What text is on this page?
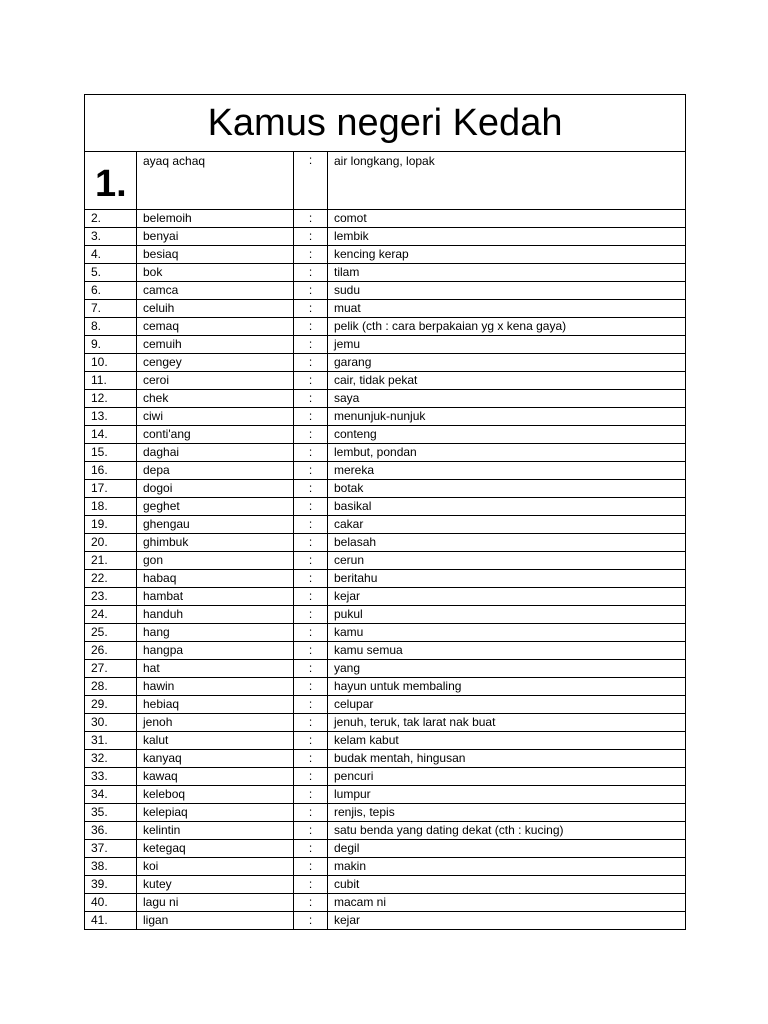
Kamus negeri Kedah			
1.	ayaq achaq	:	air longkang, lopak
2.	belemoih	:	comot
3.	benyai	:	lembik
4.	besiaq	:	kencing kerap
5.	bok	:	tilam
6.	camca	:	sudu
7.	celuih	:	muat
8.	cemaq	:	pelik (cth : cara berpakaian yg x kena gaya)
9.	cemuih	:	jemu
10.	cengey	:	garang
11.	ceroi	:	cair, tidak pekat
12.	chek	:	saya
13.	ciwi	:	menunjuk-nunjuk
14.	conti'ang	:	conteng
15.	daghai	:	lembut, pondan
16.	depa	:	mereka
17.	dogoi	:	botak
18.	geghet	:	basikal
19.	ghengau	:	cakar
20.	ghimbuk	:	belasah
21.	gon	:	cerun
22.	habaq	:	beritahu
23.	hambat	:	kejar
24.	handuh	:	pukul
25.	hang	:	kamu
26.	hangpa	:	kamu semua
27.	hat	:	yang
28.	hawin	:	hayun untuk membaling
29.	hebiaq	:	celupar
30.	jenoh	:	jenuh, teruk, tak larat nak buat
31.	kalut	:	kelam kabut
32.	kanyaq	:	budak mentah, hingusan
33.	kawaq	:	pencuri
34.	keleboq	:	lumpur
35.	kelepiaq	:	renjis, tepis
36.	kelintin	:	satu benda yang dating dekat (cth : kucing)
37.	ketegaq	:	degil
38.	koi	:	makin
39.	kutey	:	cubit
40.	lagu ni	:	macam ni
41.	ligan	:	kejar
